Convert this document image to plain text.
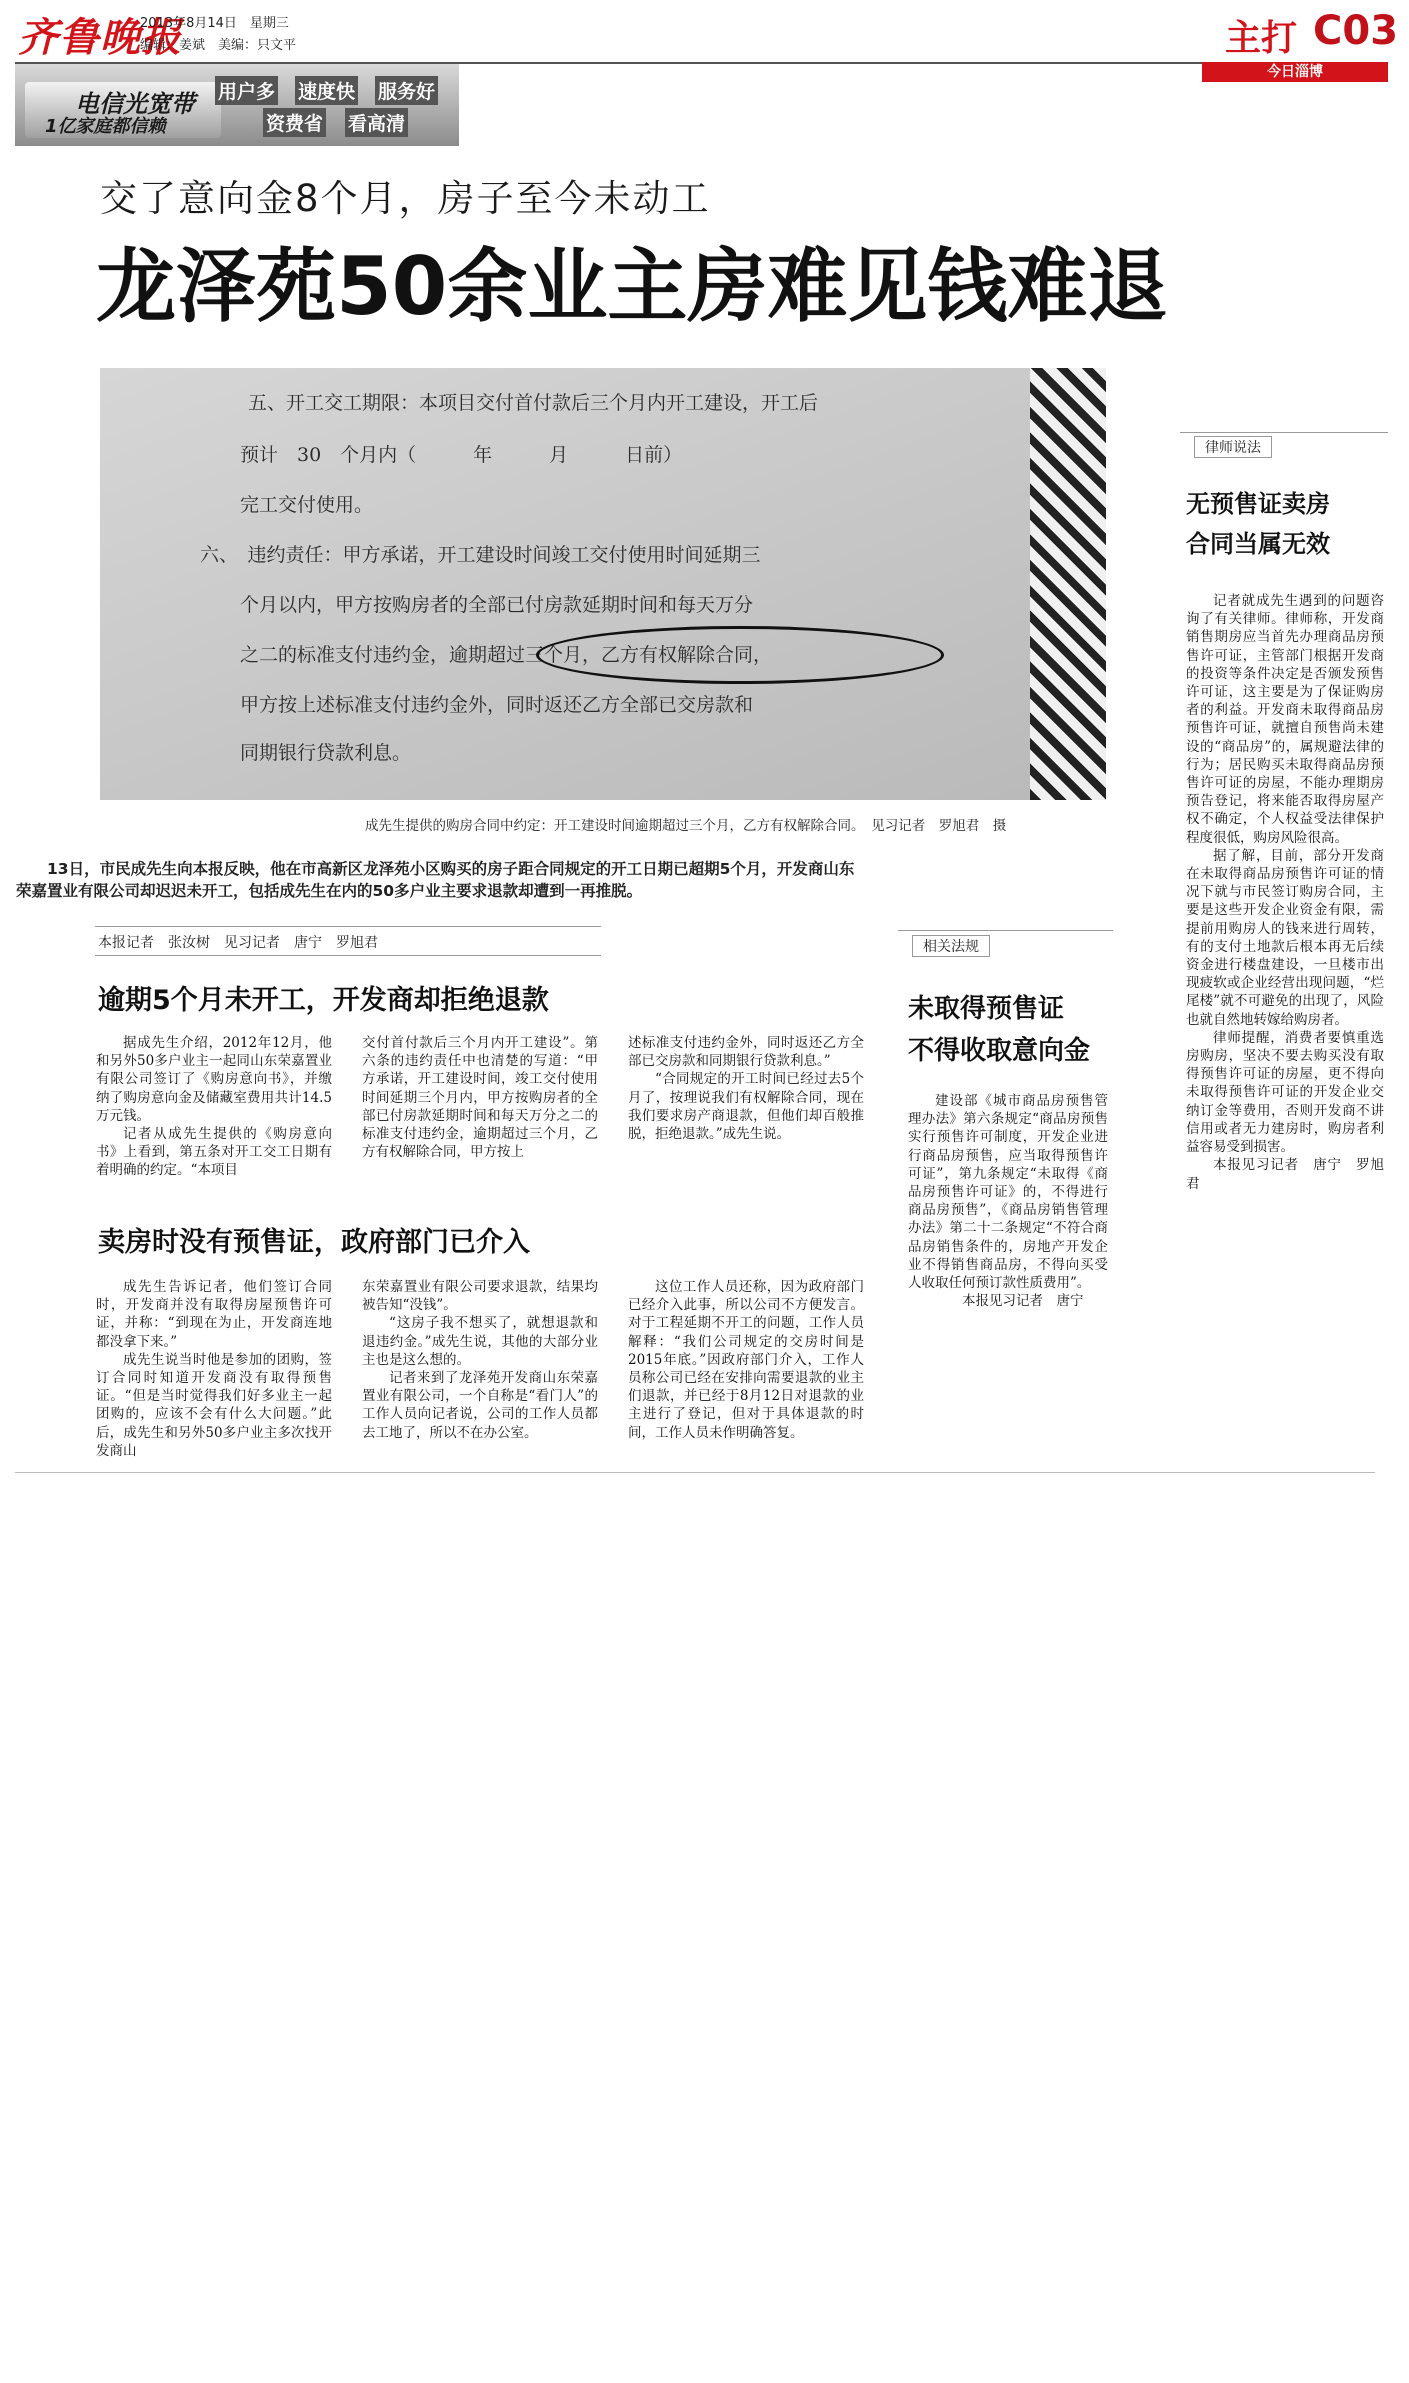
齐鲁晚报
2013年8月14日　星期三
编辑：姜斌　美编：只文平	主打 C03
今日淄博
电信光宽带
1亿家庭都信赖
用户多 速度快 服务好
资费省 看高清
交了意向金8个月，房子至今未动工
龙泽苑50余业主房难见钱难退
五、开工交工期限：本项目交付首付款后三个月内开工建设，开工后
预计　30　个月内（　　　年　　　月　　　日前）
完工交付使用。
六、　违约责任：甲方承诺，开工建设时间竣工交付使用时间延期三
个月以内，甲方按购房者的全部已付房款延期时间和每天万分
之二的标准支付违约金，逾期超过三个月，乙方有权解除合同，
甲方按上述标准支付违约金外，同时返还乙方全部已交房款和
同期银行贷款利息。
成先生提供的购房合同中约定：开工建设时间逾期超过三个月，乙方有权解除合同。　见习记者　罗旭君　摄
13日，市民成先生向本报反映，他在市高新区龙泽苑小区购买的房子距合同规定的开工日期已超期5个月，开发商山东荣嘉置业有限公司却迟迟未开工，包括成先生在内的50多户业主要求退款却遭到一再推脱。
本报记者　张汝树　见习记者　唐宁　罗旭君
逾期5个月未开工，开发商却拒绝退款

据成先生介绍，2012年12月，他和另外50多户业主一起同山东荣嘉置业有限公司签订了《购房意向书》，并缴纳了购房意向金及储藏室费用共计14.5万元钱。

记者从成先生提供的《购房意向书》上看到，第五条对开工交工日期有着明确的约定。“本项目

交付首付款后三个月内开工建设”。第六条的违约责任中也清楚的写道：“甲方承诺，开工建设时间，竣工交付使用时间延期三个月内，甲方按购房者的全部已付房款延期时间和每天万分之二的标准支付违约金，逾期超过三个月，乙方有权解除合同，甲方按上

述标准支付违约金外，同时返还乙方全部已交房款和同期银行贷款利息。”

“合同规定的开工时间已经过去5个月了，按理说我们有权解除合同，现在我们要求房产商退款，但他们却百般推脱，拒绝退款。”成先生说。

卖房时没有预售证，政府部门已介入

成先生告诉记者，他们签订合同时，开发商并没有取得房屋预售许可证，并称：“到现在为止，开发商连地都没拿下来。”

成先生说当时他是参加的团购，签订合同时知道开发商没有取得预售证。“但是当时觉得我们好多业主一起团购的，应该不会有什么大问题。”此后，成先生和另外50多户业主多次找开发商山

东荣嘉置业有限公司要求退款，结果均被告知“没钱”。

“这房子我不想买了，就想退款和退违约金。”成先生说，其他的大部分业主也是这么想的。

记者来到了龙泽苑开发商山东荣嘉置业有限公司，一个自称是“看门人”的工作人员向记者说，公司的工作人员都去工地了，所以不在办公室。

这位工作人员还称，因为政府部门已经介入此事，所以公司不方便发言。对于工程延期不开工的问题，工作人员解释：“我们公司规定的交房时间是2015年底。”因政府部门介入，工作人员称公司已经在安排向需要退款的业主们退款，并已经于8月12日对退款的业主进行了登记，但对于具体退款的时间，工作人员未作明确答复。

相关法规
未取得预售证
不得收取意向金

建设部《城市商品房预售管理办法》第六条规定“商品房预售实行预售许可制度，开发企业进行商品房预售，应当取得预售许可证”，第九条规定“未取得《商品房预售许可证》的，不得进行商品房预售”，《商品房销售管理办法》第二十二条规定“不符合商品房销售条件的，房地产开发企业不得销售商品房，不得向买受人收取任何预订款性质费用”。

本报见习记者　唐宁

律师说法
无预售证卖房
合同当属无效

记者就成先生遇到的问题咨询了有关律师。律师称，开发商销售期房应当首先办理商品房预售许可证，主管部门根据开发商的投资等条件决定是否颁发预售许可证，这主要是为了保证购房者的利益。开发商未取得商品房预售许可证，就擅自预售尚未建设的“商品房”的，属规避法律的行为；居民购买未取得商品房预售许可证的房屋，不能办理期房预告登记，将来能否取得房屋产权不确定，个人权益受法律保护程度很低，购房风险很高。

据了解，目前，部分开发商在未取得商品房预售许可证的情况下就与市民签订购房合同，主要是这些开发企业资金有限，需提前用购房人的钱来进行周转，有的支付土地款后根本再无后续资金进行楼盘建设，一旦楼市出现疲软或企业经营出现问题，“烂尾楼”就不可避免的出现了，风险也就自然地转嫁给购房者。

律师提醒，消费者要慎重选房购房，坚决不要去购买没有取得预售许可证的房屋，更不得向未取得预售许可证的开发企业交纳订金等费用，否则开发商不讲信用或者无力建房时，购房者利益容易受到损害。

本报见习记者　唐宁　罗旭君
